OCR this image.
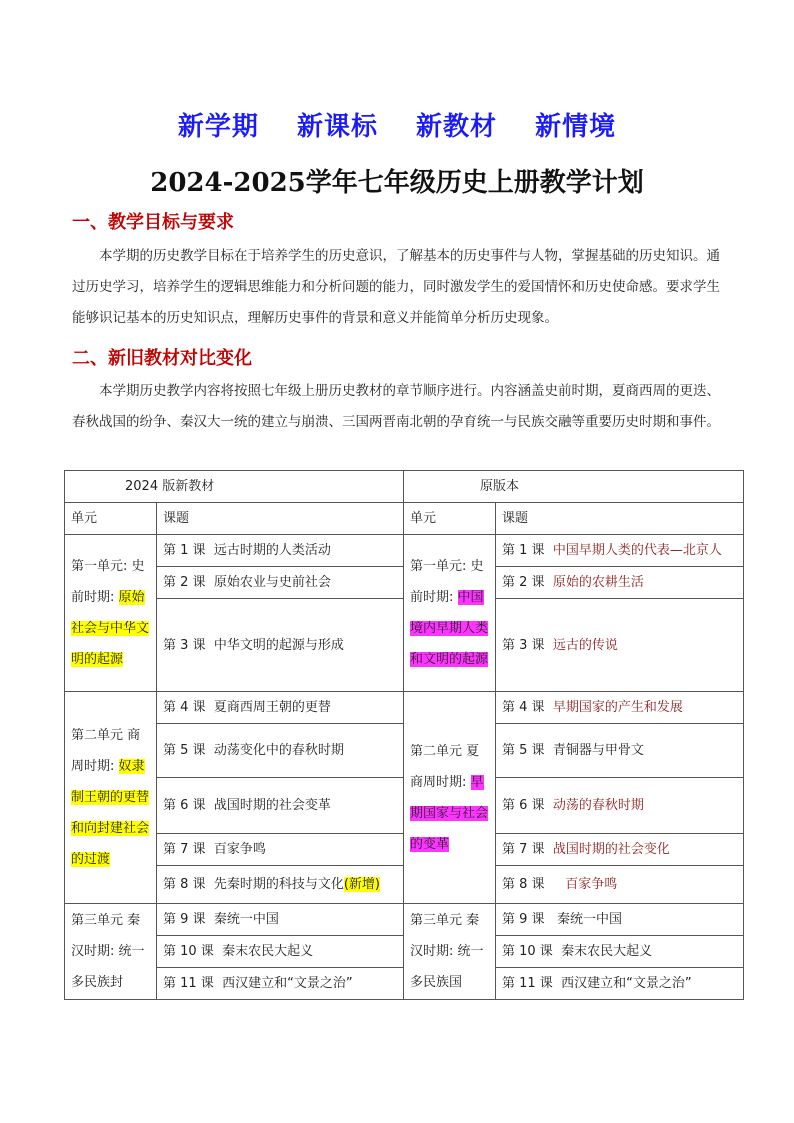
新学期 新课标 新教材 新情境
2024-2025学年七年级历史上册教学计划
一、教学目标与要求
本学期的历史教学目标在于培养学生的历史意识，了解基本的历史事件与人物，掌握基础的历史知识。通过历史学习，培养学生的逻辑思维能力和分析问题的能力，同时激发学生的爱国情怀和历史使命感。要求学生能够识记基本的历史知识点，理解历史事件的背景和意义并能简单分析历史现象。
二、新旧教材对比变化
本学期历史教学内容将按照七年级上册历史教材的章节顺序进行。内容涵盖史前时期，夏商西周的更迭、春秋战国的纷争、秦汉大一统的建立与崩溃、三国两晋南北朝的孕育统一与民族交融等重要历史时期和事件。
2024 版新教材		原版本	
单元	课题	单元	课题
第一单元: 史前时期: 原始社会与中华文明的起源	第 1 课 远古时期的人类活动	第一单元: 史前时期: 中国境内早期人类和文明的起源	第 1 课 中国早期人类的代表—北京人
	第 2 课 原始农业与史前社会		第 2 课 原始的农耕生活
	第 3 课 中华文明的起源与形成		第 3 课 远古的传说
第二单元 商周时期: 奴隶制王朝的更替和向封建社会的过渡	第 4 课 夏商西周王朝的更替	第二单元 夏商周时期: 早期国家与社会的变革	第 4 课 早期国家的产生和发展
	第 5 课 动荡变化中的春秋时期		第 5 课 青铜器与甲骨文
	第 6 课 战国时期的社会变革		第 6 课 动荡的春秋时期
	第 7 课 百家争鸣		第 7 课 战国时期的社会变化
	第 8 课 先秦时期的科技与文化(新增)		第 8 课 百家争鸣
第三单元 秦汉时期: 统一多民族封	第 9 课 秦统一中国	第三单元 秦汉时期: 统一多民族国	第 9 课 秦统一中国
	第 10 课 秦末农民大起义		第 10 课 秦末农民大起义
	第 11 课 西汉建立和“文景之治”		第 11 课 西汉建立和“文景之治”
